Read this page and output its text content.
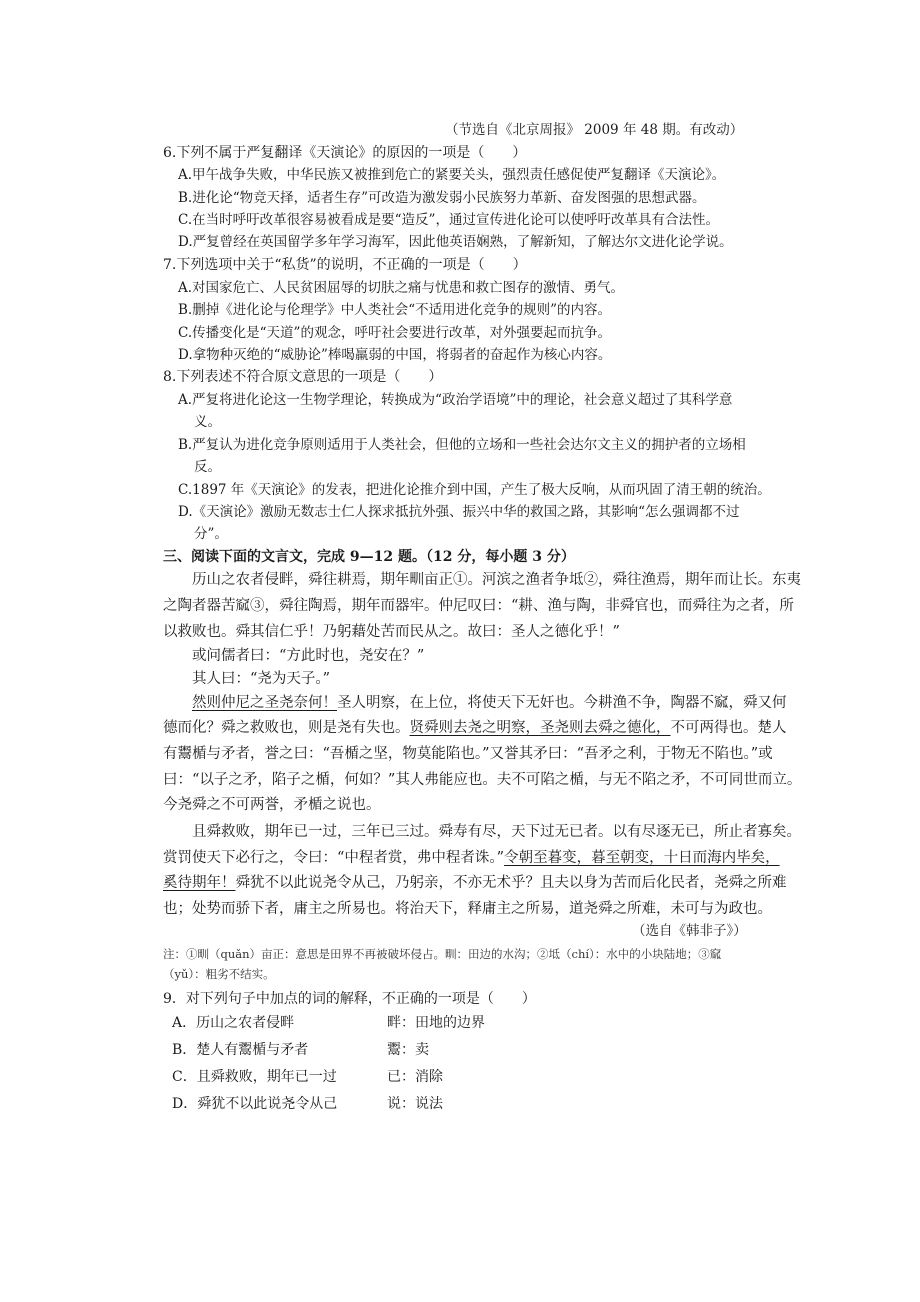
（节选自《北京周报》 2009 年 48 期。有改动）
6.下列不属于严复翻译《天演论》的原因的一项是（　　）
A.甲午战争失败，中华民族又被推到危亡的紧要关头，强烈责任感促使严复翻译《天演论》。
B.进化论“物竞天择，适者生存”可改造为激发弱小民族努力革新、奋发图强的思想武器。
C.在当时呼吁改革很容易被看成是要“造反”，通过宣传进化论可以使呼吁改革具有合法性。
D.严复曾经在英国留学多年学习海军，因此他英语娴熟，了解新知，了解达尔文进化论学说。
7.下列选项中关于“私货”的说明，不正确的一项是（　　）
A.对国家危亡、人民贫困屈辱的切肤之痛与忧患和救亡图存的激情、勇气。
B.删掉《进化论与伦理学》中人类社会“不适用进化竞争的规则”的内容。
C.传播变化是“天道”的观念，呼吁社会要进行改革，对外强要起而抗争。
D.拿物种灭绝的“威胁论”棒喝羸弱的中国，将弱者的奋起作为核心内容。
8.下列表述不符合原文意思的一项是（　　）
A.严复将进化论这一生物学理论，转换成为“政治学语境”中的理论，社会意义超过了其科学意
义。
B.严复认为进化竞争原则适用于人类社会，但他的立场和一些社会达尔文主义的拥护者的立场相
反。
C.1897 年《天演论》的发表，把进化论推介到中国，产生了极大反响，从而巩固了清王朝的统治。
D.《天演论》激励无数志士仁人探求抵抗外强、振兴中华的救国之路，其影响“怎么强调都不过
分”。
三、阅读下面的文言文，完成 9—12 题。（12 分，每小题 3 分）
历山之农者侵畔，舜往耕焉，期年甽亩正①。河滨之渔者争坻②，舜往渔焉，期年而让长。东夷
之陶者器苦窳③，舜往陶焉，期年而器牢。仲尼叹曰：“耕、渔与陶，非舜官也，而舜往为之者，所
以救败也。舜其信仁乎！乃躬藉处苦而民从之。故曰：圣人之德化乎！”
或问儒者曰：“方此时也，尧安在？”
其人曰：“尧为天子。”
然则仲尼之圣尧奈何！圣人明察，在上位，将使天下无奸也。今耕渔不争，陶器不窳，舜又何
德而化？舜之救败也，则是尧有失也。贤舜则去尧之明察，圣尧则去舜之德化，不可两得也。楚人
有鬻楯与矛者，誉之曰：“吾楯之坚，物莫能陷也。”又誉其矛曰：“吾矛之利，于物无不陷也。”或
曰：“以子之矛，陷子之楯，何如？”其人弗能应也。夫不可陷之楯，与无不陷之矛，不可同世而立。
今尧舜之不可两誉，矛楯之说也。
且舜救败，期年已一过，三年已三过。舜寿有尽，天下过无已者。以有尽逐无已，所止者寡矣。
赏罚使天下必行之，令曰：“中程者赏，弗中程者诛。”令朝至暮变，暮至朝变，十日而海内毕矣，
奚待期年！舜犹不以此说尧令从己，乃躬亲，不亦无术乎？且夫以身为苦而后化民者，尧舜之所难
也；处势而骄下者，庸主之所易也。将治天下，释庸主之所易，道尧舜之所难，未可与为政也。
（选自《韩非子》）
注：①甽（quǎn）亩正：意思是田界不再被破坏侵占。甽：田边的水沟；②坻（chí）：水中的小块陆地；③窳
（yǔ）：粗劣不结实。
9．对下列句子中加点的词的解释，不正确的一项是（　　）
A．历山之农者侵畔	畔：田地的边界
B．楚人有鬻楯与矛者	鬻：卖
C．且舜救败，期年已一过	已：消除
D．舜犹不以此说尧令从己	说：说法
